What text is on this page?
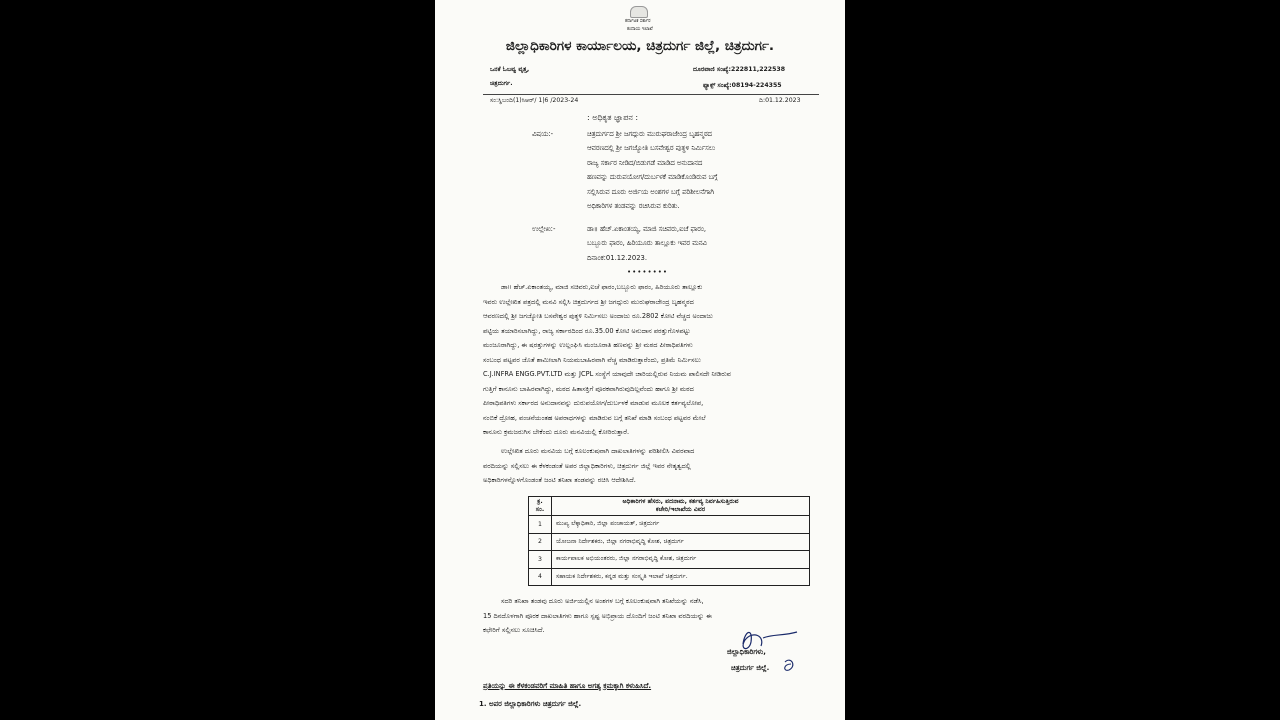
ಕರ್ನಾಟಕ ಸರ್ಕಾರ
ಕಂದಾಯ ಇಲಾಖೆ
ಜಿಲ್ಲಾಧಿಕಾರಿಗಳ ಕಾರ್ಯಾಲಯ, ಚಿತ್ರದುರ್ಗ ಜಿಲ್ಲೆ, ಚಿತ್ರದುರ್ಗ.
ಒನಕೆ ಓಬವ್ವ ವೃತ್ತ,
ಚಿತ್ರದುರ್ಗ.
ದೂರವಾಣಿ ಸಂಖ್ಯೆ:222811,222538
ಫ್ಯಾಕ್ಸ್ ಸಂಖ್ಯೆ:08194-224355
ಸಂ:ಸ್ಥಿಬಂದಿ(1)ಸಿಆರ್/ 1|6 /2023-24	ದಿ:01.12.2023
: ಅಧಿಕೃತ ಜ್ಞಾಪನ :
ವಿಷಯ:-	ಚಿತ್ರದುರ್ಗದ ಶ್ರೀ ಜಗದ್ಗುರು ಮುರುಘರಾಜೇಂದ್ರ ಬೃಹನ್ಮಠದ
ಆವರಣದಲ್ಲಿ ಶ್ರೀ ಜಗಜ್ಯೋತಿ ಬಸವೇಶ್ವರ ಪುತ್ಥಳಿ ನಿರ್ಮಿಸಲು
ರಾಜ್ಯ ಸರ್ಕಾರ ನೀಡಿದ/ಬಿಡುಗಡೆ ಮಾಡಿದ ಅನುದಾನದ
ಹಣವನ್ನು ದುರುಪಯೋಗ/ದುರ್ಬಳಕೆ ಮಾಡಿಕೊಂಡಿರುವ ಬಗ್ಗೆ
ಸಲ್ಲಿಸಿರುವ ದೂರು ಅರ್ಜಿಯ ಅಂಶಗಳ ಬಗ್ಗೆ ಪರಿಶೀಲನೆಗಾಗಿ
ಅಧಿಕಾರಿಗಳ ತಂಡವನ್ನು ರಚಿಸಿರುವ ಕುರಿತು.
ಉಲ್ಲೇಖ:-	ಡಾ॥ ಹೆಚ್.ಏಕಾಂತಯ್ಯ, ಮಾಜಿ ಸಚಿವರು,ಐಚೆ ಫಾರಂ,
ಬಬ್ಬೂರು ಫಾರಂ, ಹಿರಿಯೂರು ತಾಲ್ಲೂಕು ಇವರ ಮನವಿ
ದಿನಾಂಕ:01.12.2023.
••••••••

ಡಾ॥ ಹೆಚ್.ಏಕಾಂತಯ್ಯ, ಮಾಜಿ ಸಚಿವರು,ಐಚೆ ಫಾರಂ,ಬಬ್ಬೂರು ಫಾರಂ, ಹಿರಿಯೂರು ತಾಲ್ಲೂಕು

ಇವರು ಉಲ್ಲೇಖಿತ ಪತ್ರದಲ್ಲಿ ಮನವಿ ಸಲ್ಲಿಸಿ ಚಿತ್ರದುರ್ಗದ ಶ್ರೀ ಜಗದ್ಗುರು ಮುರುಘರಾಜೇಂದ್ರ ಬೃಹನ್ಮಠದ

ಆವರಣದಲ್ಲಿ ಶ್ರೀ ಜಗಜ್ಯೋತಿ ಬಸವೇಶ್ವರ ಪುತ್ಥಳಿ ನಿರ್ಮಿಸಲು ಅಂದಾಜು ರೂ.2802 ಕೋಟಿ ವೆಚ್ಚದ ಅಂದಾಜು

ಪಟ್ಟಿಯ ತಯಾರಿಸಲಾಗಿದ್ದು, ರಾಜ್ಯ ಸರ್ಕಾರದಿಂದ ರೂ.35.00 ಕೋಟಿ ಅನುದಾನ ಪರತ್ತುಗೊಳಪಟ್ಟು

ಮಂಜೂರಾಗಿದ್ದು, ಈ ಷರತ್ತುಗಳನ್ನು ಉಲ್ಲಂಘಿಸಿ ಮಂಜೂರಾತಿ ಹಣವನ್ನು ಶ್ರೀ ಮಠದ ಪೀಠಾಧಿಪತಿಗಳು

ಸಂಬಂಧ ಪಟ್ಟವರ ಜೊತೆ ಶಾಮೀಲಾಗಿ ನಿಯಮಬಾಹಿರವಾಗಿ ವೆಚ್ಚ ಮಾಡಿರುತ್ತಾರೆಂದು, ಪ್ರತಿಮೆ ನಿರ್ಮಿಸಲು

C.J.INFRA ENGG.PVT.LTD ಮತ್ತು JCPL ಸಂಸ್ಥೆಗೆ ಯಾವುದೇ ಜಾರಿಯಲ್ಲಿರುವ ನಿಯಮ ಪಾಲಿಸದೇ ನೀಡಿರುವ

ಗುತ್ತಿಗೆ ಕಾನೂನು ಬಾಹಿರವಾಗಿದ್ದು, ಮಠದ ಹಿತಾಸಕ್ತಿಗೆ ಪೂರಕವಾಗಿರುವುದಿಲ್ಲವೆಂದು ಹಾಗೂ ಶ್ರೀ ಮಠದ

ಪೀಠಾಧಿಪತಿಗಳು ಸರ್ಕಾರದ ಅನುದಾನವನ್ನು ದುರುಪಯೋಗ/ದುರ್ಬಳಕೆ ಮಾಡುವ ಮೂಲಕ ಕರ್ತವ್ಯಲೋಪ,

ನಂಬಿಕೆ ದ್ರೋಹ, ವಂಚನೆಯಂತಹ ಅಪರಾಧಗಳನ್ನು ಮಾಡಿರುವ ಬಗ್ಗೆ ತನಿಖೆ ಮಾಡಿ ಸಂಬಂಧ ಪಟ್ಟವರ ಮೇಲೆ

ಕಾನೂನು ಕ್ರಮಜರುಗಿಸ ಬೇಕೆಂದು ದೂರು ಮನವಿಯಲ್ಲಿ ಕೋರಿರುತ್ತಾರೆ.

ಉಲ್ಲೇಖಿತ ದೂರು ಮನವಿಯ ಬಗ್ಗೆ ಕೂಲಂಕುಷವಾಗಿ ದಾಖಲಾತಿಗಳನ್ನು ಪರಿಶೀಲಿಸಿ ವಿವರವಾದ

ವರದಿಯನ್ನು ಸಲ್ಲಿಸಲು ಈ ಕೆಳಕಂಡಂತೆ ಅಪರ ಜಿಲ್ಲಾಧಿಕಾರಿಗಳು, ಚಿತ್ರದುರ್ಗ ಜಿಲ್ಲೆ ಇವರ ನೇತೃತ್ವದಲ್ಲಿ

ಅಧಿಕಾರಿಗಳನ್ನೊಳಗೊಂಡಂತೆ ಜಂಟಿ ತನಿಖಾ ತಂಡವನ್ನು ರಚಿಸಿ ಆದೇಶಿಸಿದೆ.

ಕ್ರ. ಸಂ.	ಅಧಿಕಾರಿಗಳ ಹೆಸರು, ಪದನಾಮ, ಕರ್ತವ್ಯ ನಿರ್ವಹಿಸುತ್ತಿರುವ
ಕಚೇರಿ/ಇಲಾಖೆಯ ವಿವರ

1	ಮುಖ್ಯ ಲೆಕ್ಕಾಧಿಕಾರಿ, ಜಿಲ್ಲಾ ಪಂಚಾಯತ್, ಚಿತ್ರದುರ್ಗ
2	ಯೋಜನಾ ನಿರ್ದೇಶಕರು, ಜಿಲ್ಲಾ ನಗರಾಭಿವೃದ್ಧಿ ಕೋಶ, ಚಿತ್ರದುರ್ಗ
3	ಕಾರ್ಯಪಾಲಕ ಅಭಿಯಂತರರು, ಜಿಲ್ಲಾ ನಗರಾಭಿವೃದ್ಧಿ ಕೋಶ, ಚಿತ್ರದುರ್ಗ
4	ಸಹಾಯಕ ನಿರ್ದೇಶಕರು, ಕನ್ನಡ ಮತ್ತು ಸಂಸ್ಕೃತಿ ಇಲಾಖೆ ಚಿತ್ರದುರ್ಗ.

ಸದರಿ ತನಿಖಾ ತಂಡವು ದೂರು ಅರ್ಜಿಯಲ್ಲಿನ ಅಂಶಗಳ ಬಗ್ಗೆ ಕೂಲಂಕುಷವಾಗಿ ತನಿಖೆಯನ್ನು ನಡೆಸಿ,

15 ದಿನದೊಳಗಾಗಿ ಪೂರಕ ದಾಖಲಾತಿಗಳು ಹಾಗೂ ಸ್ಪಷ್ಟ ಅಭಿಪ್ರಾಯ ದೊಂದಿಗೆ ಜಂಟಿ ತನಿಖಾ ವರದಿಯನ್ನು ಈ

ಕಛೇರಿಗೆ ಸಲ್ಲಿಸಲು ಸೂಚಿಸಿದೆ.

ಜಿಲ್ಲಾಧಿಕಾರಿಗಳು,
ಚಿತ್ರದುರ್ಗ ಜಿಲ್ಲೆ.
ಪ್ರತಿಯನ್ನು ಈ ಕೆಳಕಂಡವರಿಗೆ ಮಾಹಿತಿ ಹಾಗೂ ಅಗತ್ಯ ಕ್ರಮಕ್ಕಾಗಿ ಕಳುಹಿಸಿದೆ.
1. ಅಪರ ಜಿಲ್ಲಾಧಿಕಾರಿಗಳು ಚಿತ್ರದುರ್ಗ ಜಿಲ್ಲೆ.
